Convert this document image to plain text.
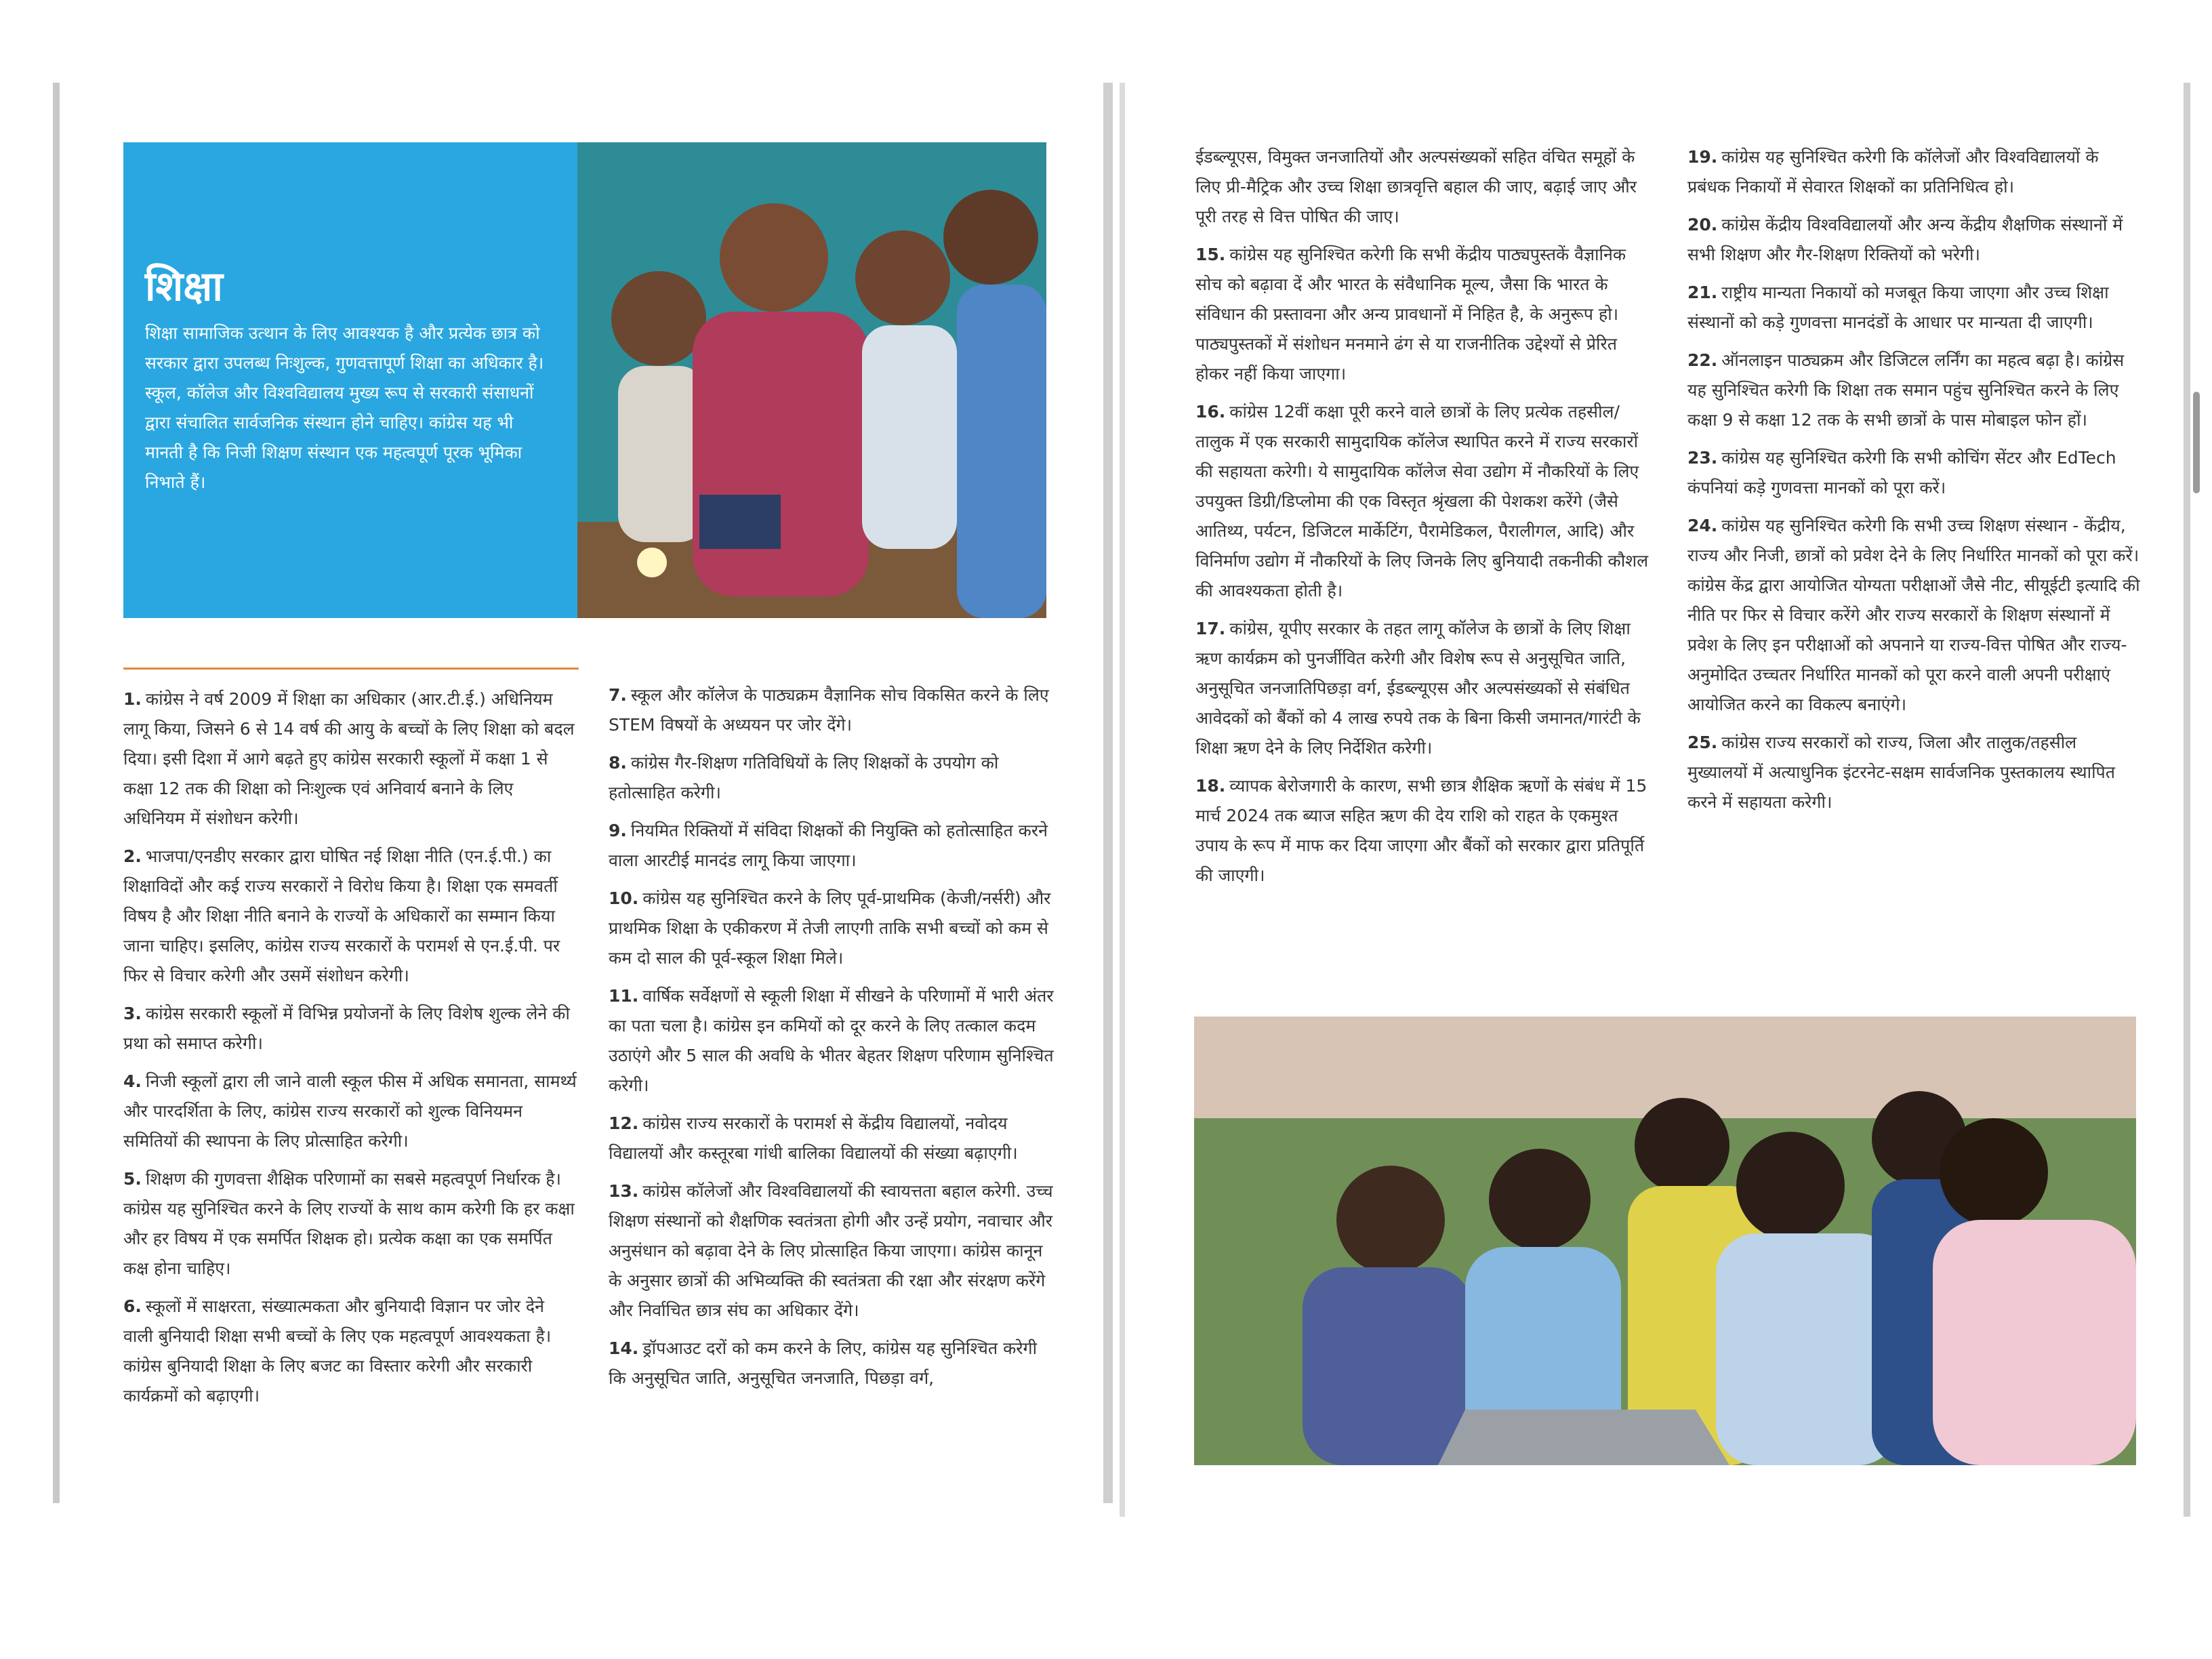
शिक्षा
शिक्षा सामाजिक उत्थान के लिए आवश्यक है और प्रत्येक छात्र को सरकार द्वारा उपलब्ध निःशुल्क, गुणवत्तापूर्ण शिक्षा का अधिकार है। स्कूल, कॉलेज और विश्वविद्यालय मुख्य रूप से सरकारी संसाधनों द्वारा संचालित सार्वजनिक संस्थान होने चाहिए। कांग्रेस यह भी मानती है कि निजी शिक्षण संस्थान एक महत्वपूर्ण पूरक भूमिका निभाते हैं।

1. कांग्रेस ने वर्ष 2009 में शिक्षा का अधिकार (आर.टी.ई.) अधिनियम लागू किया, जिसने 6 से 14 वर्ष की आयु के बच्चों के लिए शिक्षा को बदल दिया। इसी दिशा में आगे बढ़ते हुए कांग्रेस सरकारी स्कूलों में कक्षा 1 से कक्षा 12 तक की शिक्षा को निःशुल्क एवं अनिवार्य बनाने के लिए अधिनियम में संशोधन करेगी।

2. भाजपा/एनडीए सरकार द्वारा घोषित नई शिक्षा नीति (एन.ई.पी.) का शिक्षाविदों और कई राज्य सरकारों ने विरोध किया है। शिक्षा एक समवर्ती विषय है और शिक्षा नीति बनाने के राज्यों के अधिकारों का सम्मान किया जाना चाहिए। इसलिए, कांग्रेस राज्य सरकारों के परामर्श से एन.ई.पी. पर फिर से विचार करेगी और उसमें संशोधन करेगी।

3. कांग्रेस सरकारी स्कूलों में विभिन्न प्रयोजनों के लिए विशेष शुल्क लेने की प्रथा को समाप्त करेगी।

4. निजी स्कूलों द्वारा ली जाने वाली स्कूल फीस में अधिक समानता, सामर्थ्य और पारदर्शिता के लिए, कांग्रेस राज्य सरकारों को शुल्क विनियमन समितियों की स्थापना के लिए प्रोत्साहित करेगी।

5. शिक्षण की गुणवत्ता शैक्षिक परिणामों का सबसे महत्वपूर्ण निर्धारक है। कांग्रेस यह सुनिश्चित करने के लिए राज्यों के साथ काम करेगी कि हर कक्षा और हर विषय में एक समर्पित शिक्षक हो। प्रत्येक कक्षा का एक समर्पित कक्ष होना चाहिए।

6. स्कूलों में साक्षरता, संख्यात्मकता और बुनियादी विज्ञान पर जोर देने वाली बुनियादी शिक्षा सभी बच्चों के लिए एक महत्वपूर्ण आवश्यकता है। कांग्रेस बुनियादी शिक्षा के लिए बजट का विस्तार करेगी और सरकारी कार्यक्रमों को बढ़ाएगी।

7. स्कूल और कॉलेज के पाठ्यक्रम वैज्ञानिक सोच विकसित करने के लिए STEM विषयों के अध्ययन पर जोर देंगे।

8. कांग्रेस गैर-शिक्षण गतिविधियों के लिए शिक्षकों के उपयोग को हतोत्साहित करेगी।

9. नियमित रिक्तियों में संविदा शिक्षकों की नियुक्ति को हतोत्साहित करने वाला आरटीई मानदंड लागू किया जाएगा।

10. कांग्रेस यह सुनिश्चित करने के लिए पूर्व-प्राथमिक (केजी/नर्सरी) और प्राथमिक शिक्षा के एकीकरण में तेजी लाएगी ताकि सभी बच्चों को कम से कम दो साल की पूर्व-स्कूल शिक्षा मिले।

11. वार्षिक सर्वेक्षणों से स्कूली शिक्षा में सीखने के परिणामों में भारी अंतर का पता चला है। कांग्रेस इन कमियों को दूर करने के लिए तत्काल कदम उठाएंगे और 5 साल की अवधि के भीतर बेहतर शिक्षण परिणाम सुनिश्चित करेगी।

12. कांग्रेस राज्य सरकारों के परामर्श से केंद्रीय विद्यालयों, नवोदय विद्यालयों और कस्तूरबा गांधी बालिका विद्यालयों की संख्या बढ़ाएगी।

13. कांग्रेस कॉलेजों और विश्वविद्यालयों की स्वायत्तता बहाल करेगी. उच्च शिक्षण संस्थानों को शैक्षणिक स्वतंत्रता होगी और उन्हें प्रयोग, नवाचार और अनुसंधान को बढ़ावा देने के लिए प्रोत्साहित किया जाएगा। कांग्रेस कानून के अनुसार छात्रों की अभिव्यक्ति की स्वतंत्रता की रक्षा और संरक्षण करेंगे और निर्वाचित छात्र संघ का अधिकार देंगे।

14. ड्रॉपआउट दरों को कम करने के लिए, कांग्रेस यह सुनिश्चित करेगी कि अनुसूचित जाति, अनुसूचित जनजाति, पिछड़ा वर्ग,

ईडब्ल्यूएस, विमुक्त जनजातियों और अल्पसंख्यकों सहित वंचित समूहों के लिए प्री-मैट्रिक और उच्च शिक्षा छात्रवृत्ति बहाल की जाए, बढ़ाई जाए और पूरी तरह से वित्त पोषित की जाए।

15. कांग्रेस यह सुनिश्चित करेगी कि सभी केंद्रीय पाठ्यपुस्तकें वैज्ञानिक सोच को बढ़ावा दें और भारत के संवैधानिक मूल्य, जैसा कि भारत के संविधान की प्रस्तावना और अन्य प्रावधानों में निहित है, के अनुरूप हो। पाठ्यपुस्तकों में संशोधन मनमाने ढंग से या राजनीतिक उद्देश्यों से प्रेरित होकर नहीं किया जाएगा।

16. कांग्रेस 12वीं कक्षा पूरी करने वाले छात्रों के लिए प्रत्येक तहसील/तालुक में एक सरकारी सामुदायिक कॉलेज स्थापित करने में राज्य सरकारों की सहायता करेगी। ये सामुदायिक कॉलेज सेवा उद्योग में नौकरियों के लिए उपयुक्त डिग्री/डिप्लोमा की एक विस्तृत श्रृंखला की पेशकश करेंगे (जैसे आतिथ्य, पर्यटन, डिजिटल मार्केटिंग, पैरामेडिकल, पैरालीगल, आदि) और विनिर्माण उद्योग में नौकरियों के लिए जिनके लिए बुनियादी तकनीकी कौशल की आवश्यकता होती है।

17. कांग्रेस, यूपीए सरकार के तहत लागू कॉलेज के छात्रों के लिए शिक्षा ऋण कार्यक्रम को पुनर्जीवित करेगी और विशेष रूप से अनुसूचित जाति, अनुसूचित जनजातिपिछड़ा वर्ग, ईडब्ल्यूएस और अल्पसंख्यकों से संबंधित आवेदकों को बैंकों को 4 लाख रुपये तक के बिना किसी जमानत/गारंटी के शिक्षा ऋण देने के लिए निर्देशित करेगी।

18. व्यापक बेरोजगारी के कारण, सभी छात्र शैक्षिक ऋणों के संबंध में 15 मार्च 2024 तक ब्याज सहित ऋण की देय राशि को राहत के एकमुश्त उपाय के रूप में माफ कर दिया जाएगा और बैंकों को सरकार द्वारा प्रतिपूर्ति की जाएगी।

19. कांग्रेस यह सुनिश्चित करेगी कि कॉलेजों और विश्वविद्यालयों के प्रबंधक निकायों में सेवारत शिक्षकों का प्रतिनिधित्व हो।

20. कांग्रेस केंद्रीय विश्वविद्यालयों और अन्य केंद्रीय शैक्षणिक संस्थानों में सभी शिक्षण और गैर-शिक्षण रिक्तियों को भरेगी।

21. राष्ट्रीय मान्यता निकायों को मजबूत किया जाएगा और उच्च शिक्षा संस्थानों को कड़े गुणवत्ता मानदंडों के आधार पर मान्यता दी जाएगी।

22. ऑनलाइन पाठ्यक्रम और डिजिटल लर्निंग का महत्व बढ़ा है। कांग्रेस यह सुनिश्चित करेगी कि शिक्षा तक समान पहुंच सुनिश्चित करने के लिए कक्षा 9 से कक्षा 12 तक के सभी छात्रों के पास मोबाइल फोन हों।

23. कांग्रेस यह सुनिश्चित करेगी कि सभी कोचिंग सेंटर और EdTech कंपनियां कड़े गुणवत्ता मानकों को पूरा करें।

24. कांग्रेस यह सुनिश्चित करेगी कि सभी उच्च शिक्षण संस्थान - केंद्रीय, राज्य और निजी, छात्रों को प्रवेश देने के लिए निर्धारित मानकों को पूरा करें। कांग्रेस केंद्र द्वारा आयोजित योग्यता परीक्षाओं जैसे नीट, सीयूईटी इत्यादि की नीति पर फिर से विचार करेंगे और राज्य सरकारों के शिक्षण संस्थानों में प्रवेश के लिए इन परीक्षाओं को अपनाने या राज्य-वित्त पोषित और राज्य-अनुमोदित उच्चतर निर्धारित मानकों को पूरा करने वाली अपनी परीक्षाएं आयोजित करने का विकल्प बनाएंगे।

25. कांग्रेस राज्य सरकारों को राज्य, जिला और तालुक/तहसील मुख्यालयों में अत्याधुनिक इंटरनेट-सक्षम सार्वजनिक पुस्तकालय स्थापित करने में सहायता करेगी।
